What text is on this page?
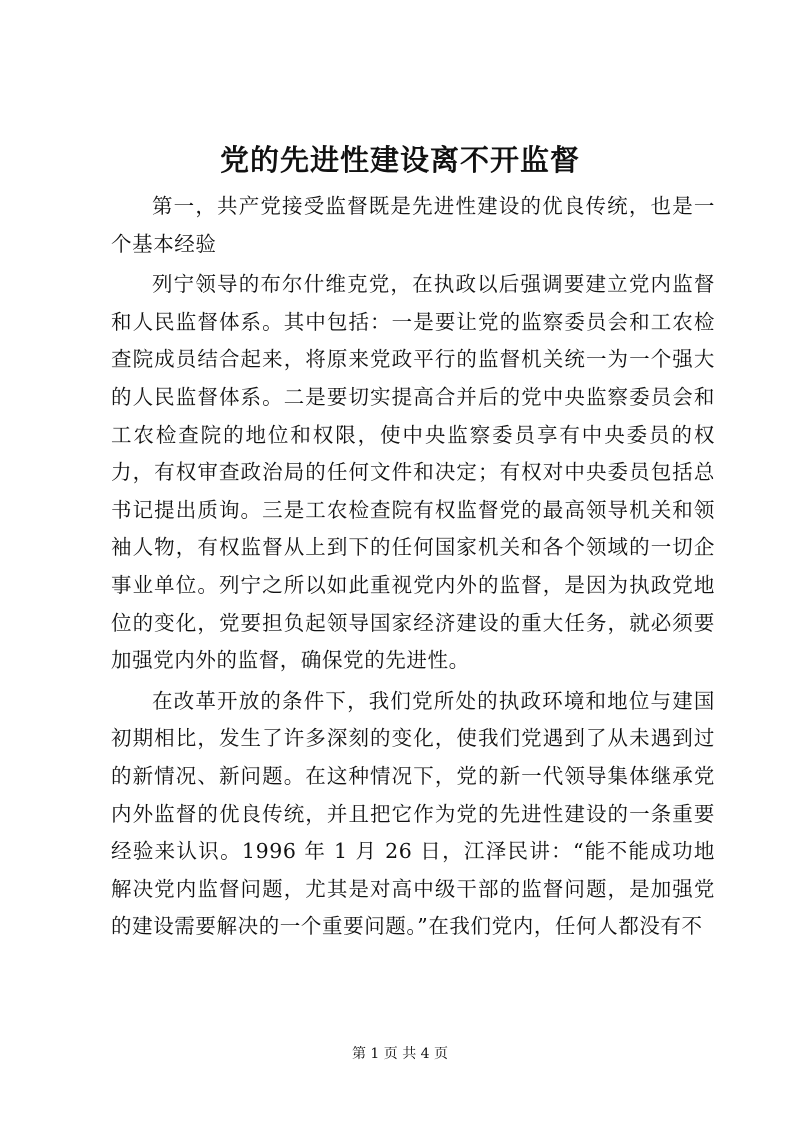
党的先进性建设离不开监督

第一，共产党接受监督既是先进性建设的优良传统，也是一个基本经验

列宁领导的布尔什维克党，在执政以后强调要建立党内监督和人民监督体系。其中包括：一是要让党的监察委员会和工农检查院成员结合起来，将原来党政平行的监督机关统一为一个强大的人民监督体系。二是要切实提高合并后的党中央监察委员会和工农检查院的地位和权限，使中央监察委员享有中央委员的权力，有权审查政治局的任何文件和决定；有权对中央委员包括总书记提出质询。三是工农检查院有权监督党的最高领导机关和领袖人物，有权监督从上到下的任何国家机关和各个领域的一切企事业单位。列宁之所以如此重视党内外的监督，是因为执政党地位的变化，党要担负起领导国家经济建设的重大任务，就必须要加强党内外的监督，确保党的先进性。

在改革开放的条件下，我们党所处的执政环境和地位与建国初期相比，发生了许多深刻的变化，使我们党遇到了从未遇到过的新情况、新问题。在这种情况下，党的新一代领导集体继承党内外监督的优良传统，并且把它作为党的先进性建设的一条重要经验来认识。1996 年 1 月 26 日，江泽民讲：“能不能成功地解决党内监督问题，尤其是对高中级干部的监督问题，是加强党的建设需要解决的一个重要问题。”在我们党内，任何人都没有不

第 1 页 共 4 页
